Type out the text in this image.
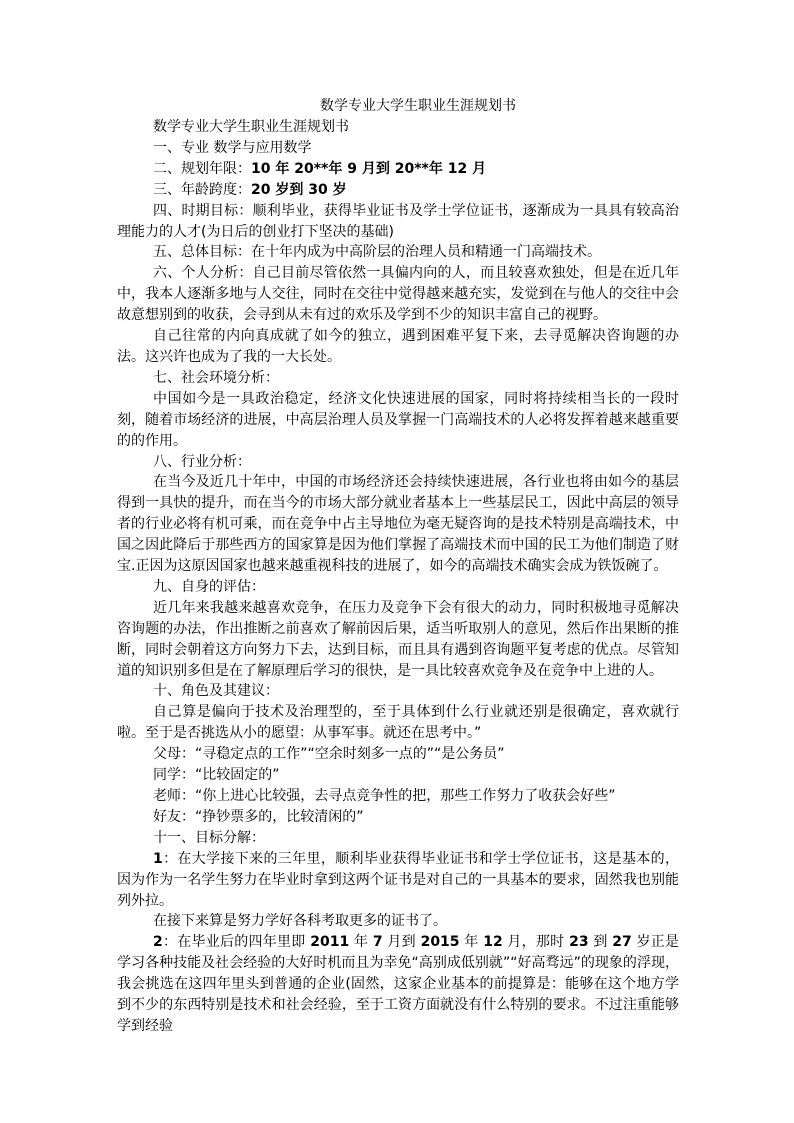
数学专业大学生职业生涯规划书

数学专业大学生职业生涯规划书

一、专业 数学与应用数学

二、规划年限：10 年 20**年 9 月到 20**年 12 月

三、年龄跨度：20 岁到 30 岁

四、时期目标：顺利毕业，获得毕业证书及学士学位证书，逐渐成为一具具有较高治理能力的人才(为日后的创业打下坚决的基础)

五、总体目标：在十年内成为中高阶层的治理人员和精通一门高端技术。

六、个人分析：自己目前尽管依然一具偏内向的人，而且较喜欢独处，但是在近几年中，我本人逐渐多地与人交往，同时在交往中觉得越来越充实，发觉到在与他人的交往中会故意想别到的收获，会寻到从未有过的欢乐及学到不少的知识丰富自己的视野。

自己往常的内向真成就了如今的独立，遇到困难平复下来，去寻觅解决咨询题的办法。这兴许也成为了我的一大长处。

七、社会环境分析：

中国如今是一具政治稳定，经济文化快速进展的国家，同时将持续相当长的一段时刻，随着市场经济的进展，中高层治理人员及掌握一门高端技术的人必将发挥着越来越重要的的作用。

八、行业分析：

在当今及近几十年中，中国的市场经济还会持续快速进展，各行业也将由如今的基层得到一具快的提升，而在当今的市场大部分就业者基本上一些基层民工，因此中高层的领导者的行业必将有机可乘，而在竞争中占主导地位为毫无疑咨询的是技术特别是高端技术，中国之因此降后于那些西方的国家算是因为他们掌握了高端技术而中国的民工为他们制造了财宝.正因为这原因国家也越来越重视科技的进展了，如今的高端技术确实会成为铁饭碗了。

九、自身的评估：

近几年来我越来越喜欢竞争，在压力及竞争下会有很大的动力，同时积极地寻觅解决咨询题的办法，作出推断之前喜欢了解前因后果，适当听取别人的意见，然后作出果断的推断，同时会朝着这方向努力下去，达到目标，而且具有遇到咨询题平复考虑的优点。尽管知道的知识别多但是在了解原理后学习的很快，是一具比较喜欢竞争及在竞争中上进的人。

十、角色及其建议：

自己算是偏向于技术及治理型的，至于具体到什么行业就还别是很确定，喜欢就行啦。至于是否挑选从小的愿望：从事军事。就还在思考中。”

父母：“寻稳定点的工作”“空余时刻多一点的”“是公务员”

同学：“比较固定的”

老师：“你上进心比较强，去寻点竞争性的把，那些工作努力了收获会好些”

好友：“挣钞票多的，比较清闲的”

十一、目标分解：

1：在大学接下来的三年里，顺利毕业获得毕业证书和学士学位证书，这是基本的，因为作为一名学生努力在毕业时拿到这两个证书是对自己的一具基本的要求，固然我也别能列外拉。

在接下来算是努力学好各科考取更多的证书了。

2：在毕业后的四年里即 2011 年 7 月到 2015 年 12 月，那时 23 到 27 岁正是学习各种技能及社会经验的大好时机而且为幸免“高别成低别就”“好高骛远”的现象的浮现，我会挑选在这四年里头到普通的企业(固然，这家企业基本的前提算是：能够在这个地方学到不少的东西特别是技术和社会经验，至于工资方面就没有什么特别的要求。不过注重能够学到经验
